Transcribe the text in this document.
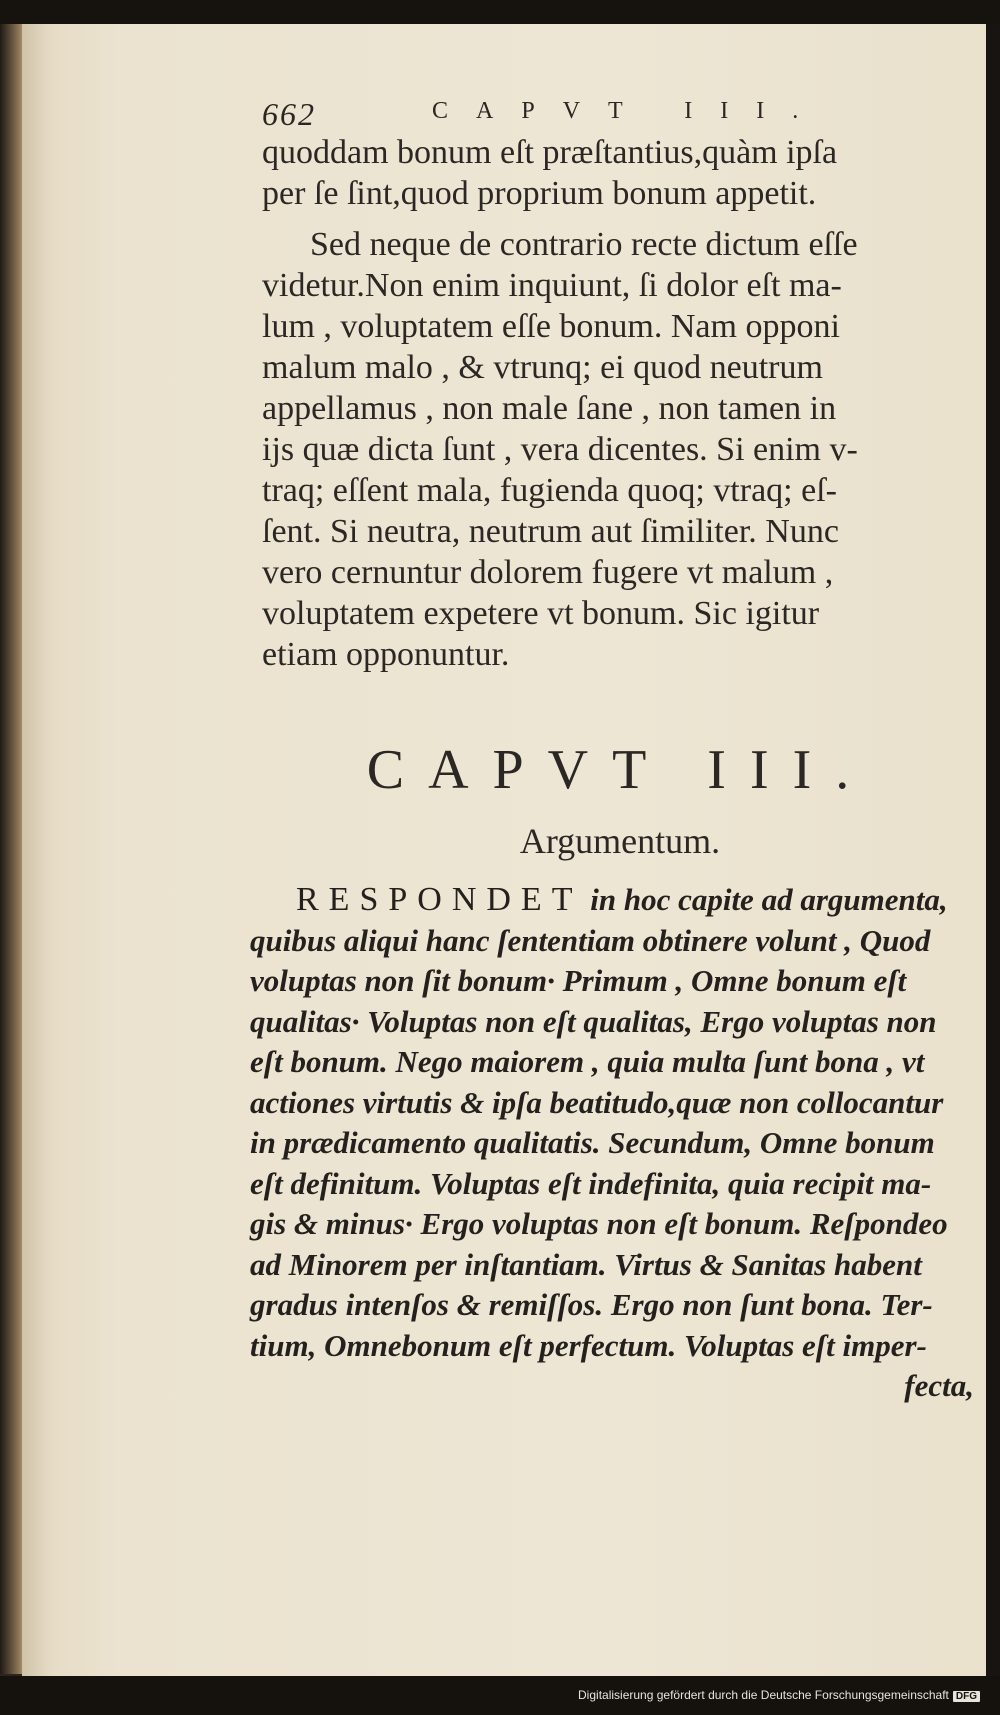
662	CAPVT III.
quoddam bonum eſt præſtantius,quàm ipſa
per ſe ſint,quod proprium bonum appetit.
Sed neque de contrario recte dictum eſſe
videtur.Non enim inquiunt, ſi dolor eſt ma-
lum , voluptatem eſſe bonum. Nam opponi
malum malo , & vtrunq; ei quod neutrum
appellamus , non male ſane , non tamen in
ijs quæ dicta ſunt , vera dicentes. Si enim v-
traq; eſſent mala, fugienda quoq; vtraq; eſ-
ſent. Si neutra, neutrum aut ſimiliter. Nunc
vero cernuntur dolorem fugere vt malum ,
voluptatem expetere vt bonum. Sic igitur
etiam opponuntur.
CAPVT III.
Argumentum.
RESPONDET in hoc capite ad argumenta,
quibus aliqui hanc ſententiam obtinere volunt , Quod
voluptas non ſit bonum· Primum , Omne bonum eſt
qualitas· Voluptas non eſt qualitas, Ergo voluptas non
eſt bonum. Nego maiorem , quia multa ſunt bona , vt
actiones virtutis & ipſa beatitudo,quæ non collocantur
in prædicamento qualitatis. Secundum, Omne bonum
eſt definitum. Voluptas eſt indefinita, quia recipit ma-
gis & minus· Ergo voluptas non eſt bonum. Reſpondeo
ad Minorem per inſtantiam. Virtus & Sanitas habent
gradus intenſos & remiſſos. Ergo non ſunt bona. Ter-
tium, Omnebonum eſt perfectum. Voluptas eſt imper-
fecta,
Digitalisierung gefördert durch die Deutsche Forschungsgemeinschaft DFG
